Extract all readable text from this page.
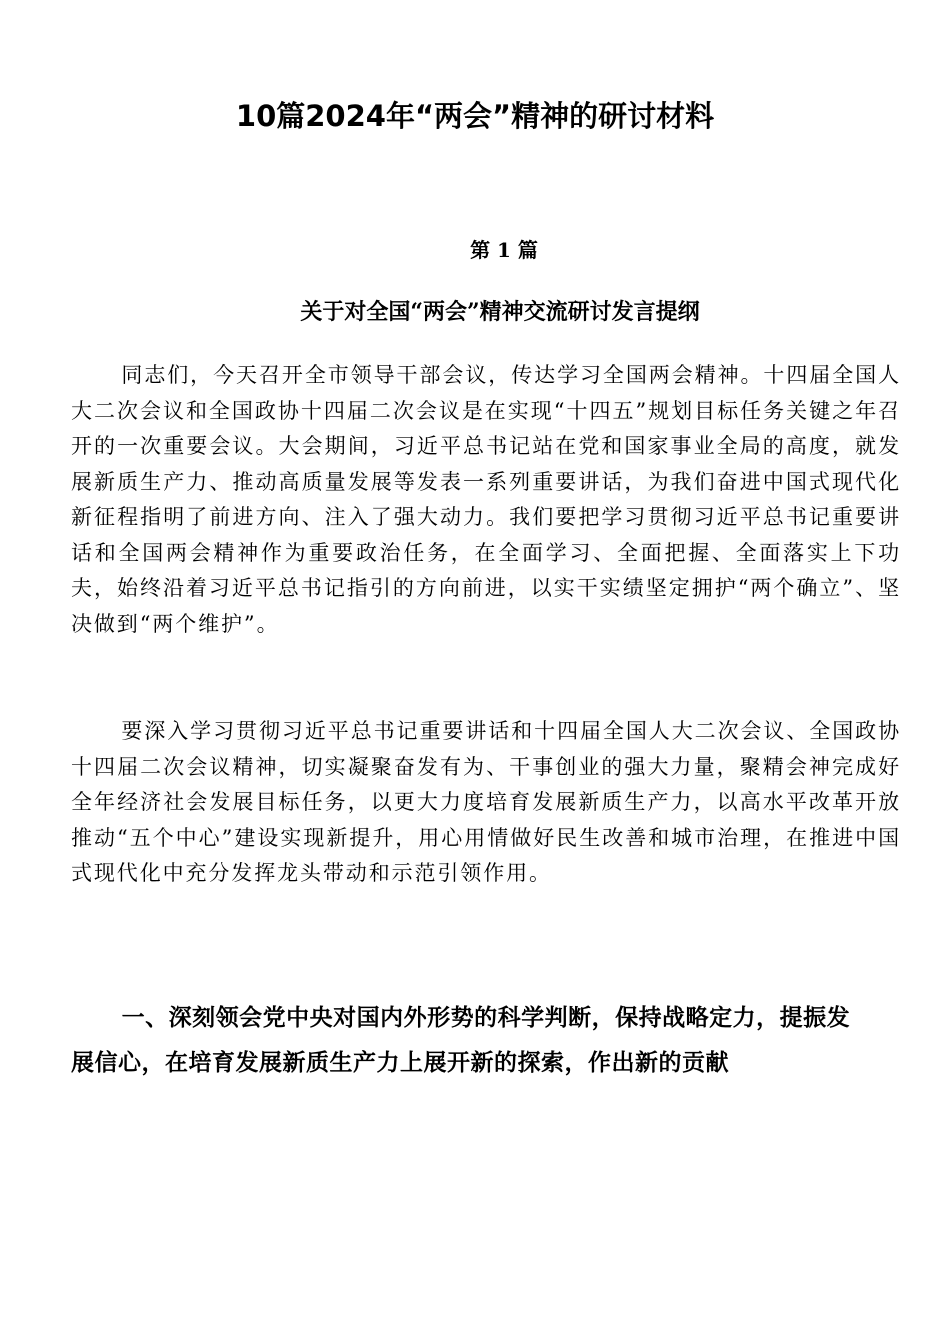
10篇2024年“两会”精神的研讨材料
第 1 篇
关于对全国“两会”精神交流研讨发言提纲

同志们，今天召开全市领导干部会议，传达学习全国两会精神。十四届全国人大二次会议和全国政协十四届二次会议是在实现“十四五”规划目标任务关键之年召开的一次重要会议。大会期间，习近平总书记站在党和国家事业全局的高度，就发展新质生产力、推动高质量发展等发表一系列重要讲话，为我们奋进中国式现代化新征程指明了前进方向、注入了强大动力。我们要把学习贯彻习近平总书记重要讲话和全国两会精神作为重要政治任务，在全面学习、全面把握、全面落实上下功夫，始终沿着习近平总书记指引的方向前进，以实干实绩坚定拥护“两个确立”、坚决做到“两个维护”。

要深入学习贯彻习近平总书记重要讲话和十四届全国人大二次会议、全国政协十四届二次会议精神，切实凝聚奋发有为、干事创业的强大力量，聚精会神完成好全年经济社会发展目标任务，以更大力度培育发展新质生产力，以高水平改革开放推动“五个中心”建设实现新提升，用心用情做好民生改善和城市治理，在推进中国式现代化中充分发挥龙头带动和示范引领作用。

一、深刻领会党中央对国内外形势的科学判断，保持战略定力，提振发展信心，在培育发展新质生产力上展开新的探索，作出新的贡献
